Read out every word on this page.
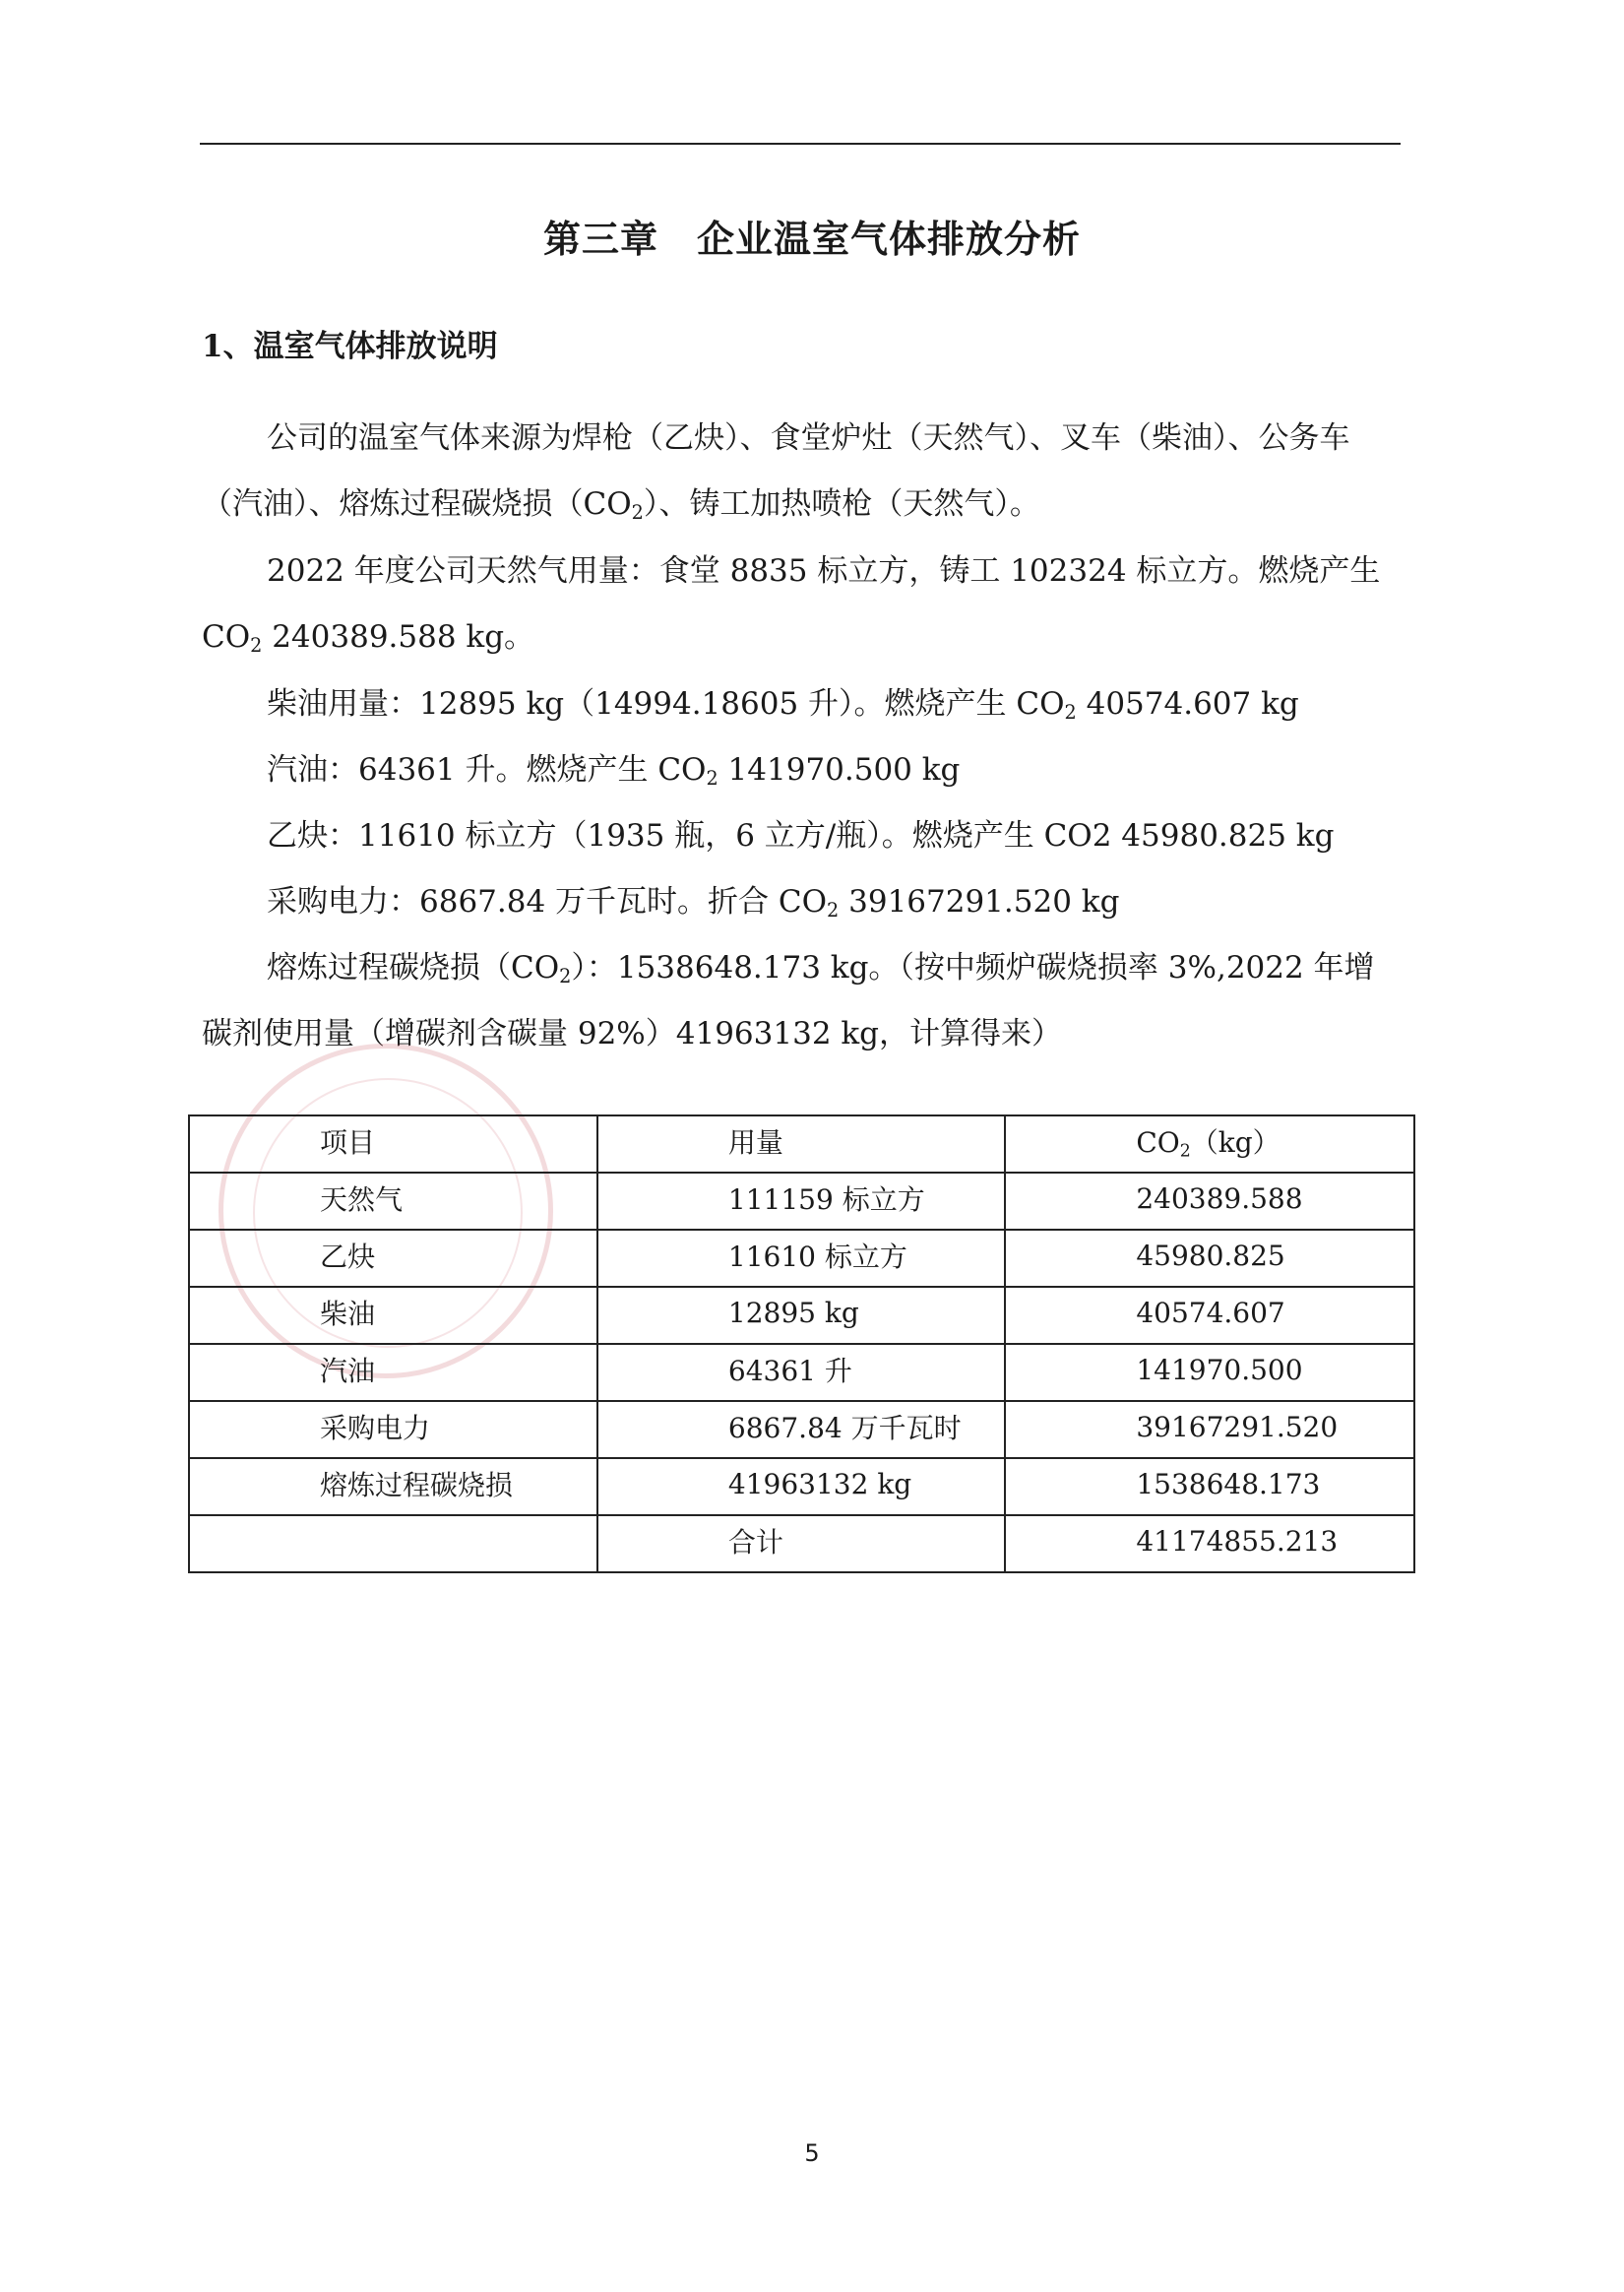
第三章　企业温室气体排放分析
1、温室气体排放说明
公司的温室气体来源为焊枪（乙炔）、食堂炉灶（天然气）、叉车（柴油）、公务车（汽油）、熔炼过程碳烧损$(CO_2)$、铸工加热喷枪（天然气）。
2022 年度公司天然气用量：食堂 8835 标立方，铸工 102324 标立方。燃烧产生 $CO_2$ 240389.588 kg。
柴油用量：12895 kg（14994.18605 升）。燃烧产生 $CO_2$ 40574.607 kg
汽油：64361 升。燃烧产生 $CO_2$ 141970.500 kg
乙炔：11610 标立方（1935 瓶，6 立方/瓶）。燃烧产生 CO2 45980.825 kg
采购电力：6867.84 万千瓦时。折合 $CO_2$ 39167291.520 kg
熔炼过程碳烧损$(CO_2)$：1538648.173 kg。（按中频炉碳烧损率 3%,2022 年增碳剂使用量（增碳剂含碳量 92%）41963132 kg，计算得来）
项目	用量	$CO_2(kg)$
天然气	111159 标立方	240389.588
乙炔	11610 标立方	45980.825
柴油	12895 kg	40574.607
汽油	64361 升	141970.500
采购电力	6867.84 万千瓦时	39167291.520
熔炼过程碳烧损	41963132 kg	1538648.173
	合计	41174855.213
5
